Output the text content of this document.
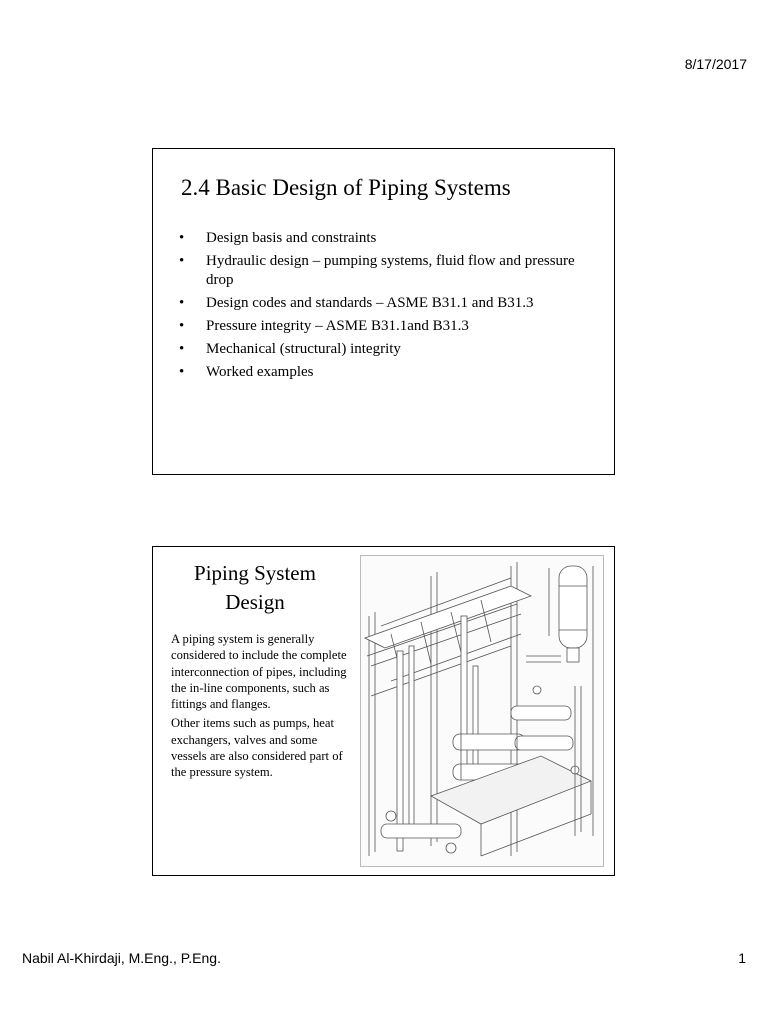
8/17/2017
2.4 Basic Design of Piping Systems
• Design basis and constraints
• Hydraulic design – pumping systems, fluid flow and pressure drop
• Design codes and standards – ASME B31.1 and B31.3
• Pressure integrity – ASME B31.1and B31.3
• Mechanical (structural) integrity
• Worked examples
Piping System Design

A piping system is generally considered to include the complete interconnection of pipes, including the in-line components, such as fittings and flanges.

Other items such as pumps, heat exchangers, valves and some vessels are also considered part of the pressure system.

Nabil Al-Khirdaji, M.Eng., P.Eng.	1
